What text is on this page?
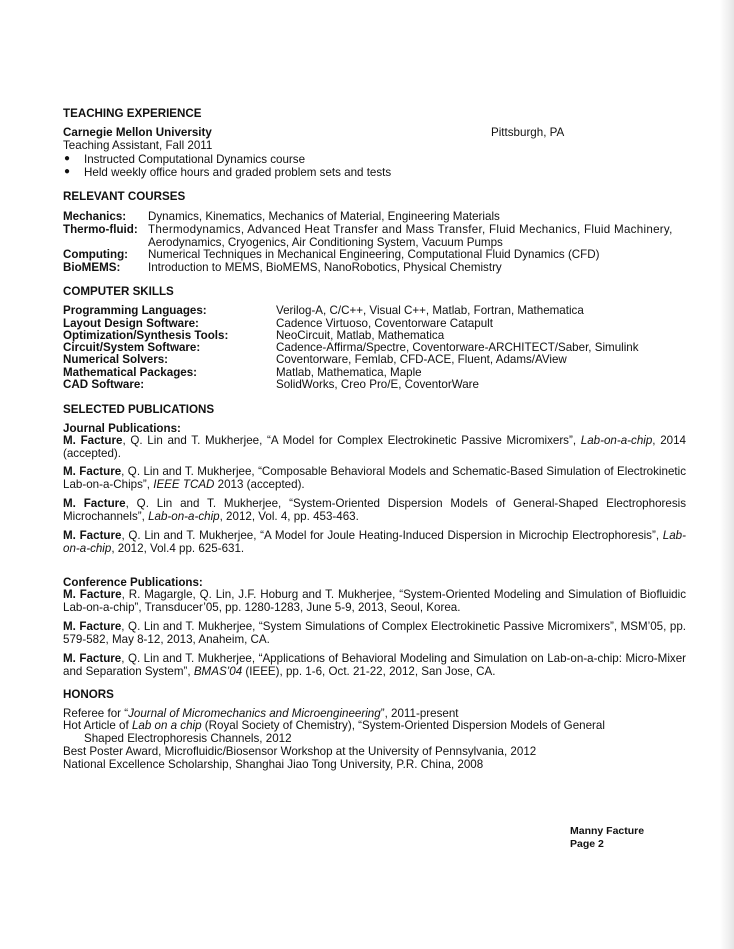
TEACHING EXPERIENCE
Carnegie Mellon University	Pittsburgh, PA
Teaching Assistant, Fall 2011
● Instructed Computational Dynamics course
● Held weekly office hours and graded problem sets and tests
RELEVANT COURSES
Mechanics: Dynamics, Kinematics, Mechanics of Material, Engineering Materials
Thermo-fluid: Thermodynamics, Advanced Heat Transfer and Mass Transfer, Fluid Mechanics, Fluid Machinery,
Aerodynamics, Cryogenics, Air Conditioning System, Vacuum Pumps
Computing: Numerical Techniques in Mechanical Engineering, Computational Fluid Dynamics (CFD)
BioMEMS: Introduction to MEMS, BioMEMS, NanoRobotics, Physical Chemistry
COMPUTER SKILLS
Programming Languages:	Verilog-A, C/C++, Visual C++, Matlab, Fortran, Mathematica
Layout Design Software:	Cadence Virtuoso, Coventorware Catapult
Optimization/Synthesis Tools:	NeoCircuit, Matlab, Mathematica
Circuit/System Software:	Cadence-Affirma/Spectre, Coventorware-ARCHITECT/Saber, Simulink
Numerical Solvers:	Coventorware, Femlab, CFD-ACE, Fluent, Adams/AView
Mathematical Packages:	Matlab, Mathematica, Maple
CAD Software:	SolidWorks, Creo Pro/E, CoventorWare
SELECTED PUBLICATIONS
Journal Publications:
M. Facture, Q. Lin and T. Mukherjee, “A Model for Complex Electrokinetic Passive Micromixers”, Lab-on-a-chip, 2014 (accepted).
M. Facture, Q. Lin and T. Mukherjee, “Composable Behavioral Models and Schematic-Based Simulation of Electrokinetic Lab-on-a-Chips”, IEEE TCAD 2013 (accepted).
M. Facture, Q. Lin and T. Mukherjee, “System-Oriented Dispersion Models of General-Shaped Electrophoresis Microchannels”, Lab-on-a-chip, 2012, Vol. 4, pp. 453-463.
M. Facture, Q. Lin and T. Mukherjee, “A Model for Joule Heating-Induced Dispersion in Microchip Electrophoresis”, Lab-on-a-chip, 2012, Vol.4 pp. 625-631.
Conference Publications:
M. Facture, R. Magargle, Q. Lin, J.F. Hoburg and T. Mukherjee, “System-Oriented Modeling and Simulation of Biofluidic Lab-on-a-chip”, Transducer’05, pp. 1280-1283, June 5-9, 2013, Seoul, Korea.
M. Facture, Q. Lin and T. Mukherjee, “System Simulations of Complex Electrokinetic Passive Micromixers”, MSM’05, pp. 579-582, May 8-12, 2013, Anaheim, CA.
M. Facture, Q. Lin and T. Mukherjee, “Applications of Behavioral Modeling and Simulation on Lab-on-a-chip: Micro-Mixer and Separation System”, BMAS’04 (IEEE), pp. 1-6, Oct. 21-22, 2012, San Jose, CA.
HONORS
Referee for “Journal of Micromechanics and Microengineering”, 2011-present
Hot Article of Lab on a chip (Royal Society of Chemistry), “System-Oriented Dispersion Models of General
Shaped Electrophoresis Channels, 2012
Best Poster Award, Microfluidic/Biosensor Workshop at the University of Pennsylvania, 2012
National Excellence Scholarship, Shanghai Jiao Tong University, P.R. China, 2008
Manny Facture
Page 2
